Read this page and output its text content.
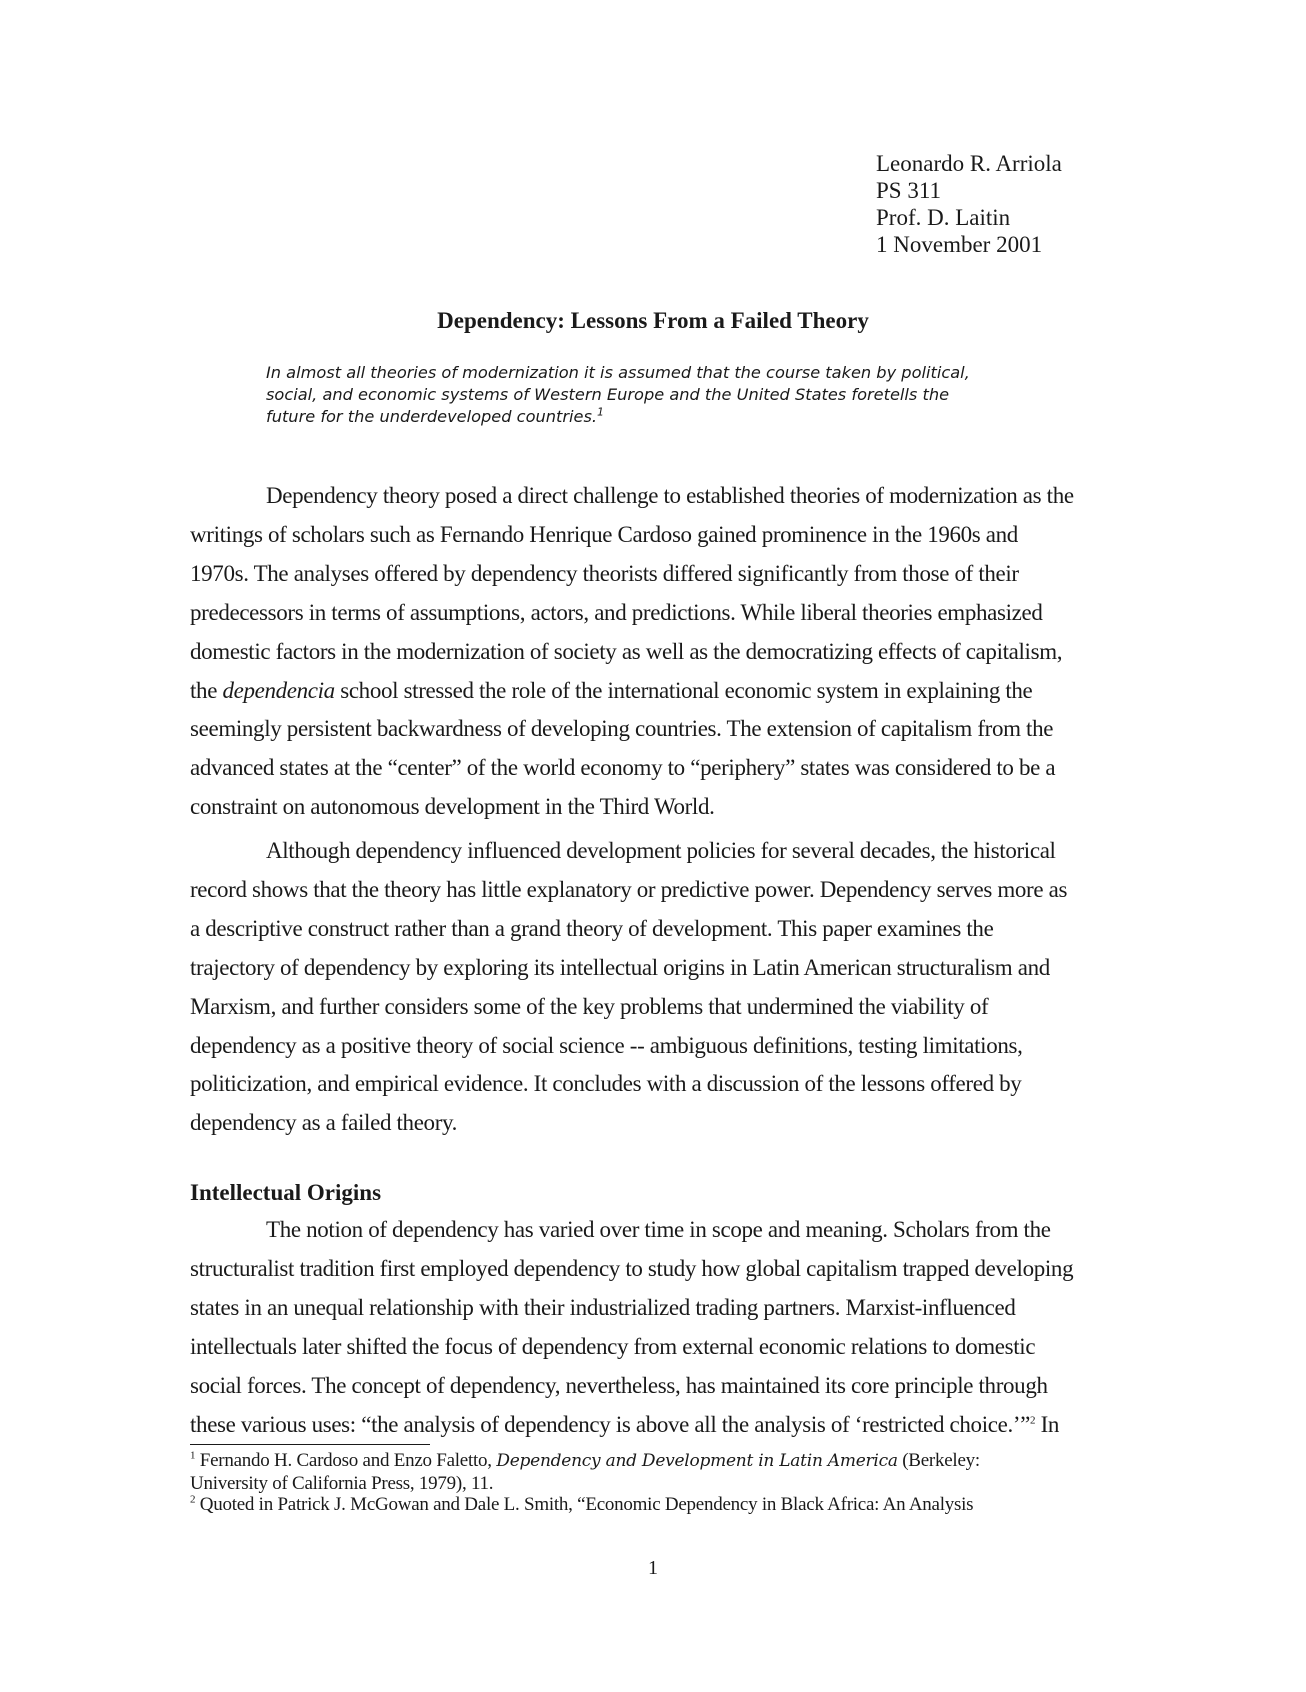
Leonardo R. Arriola
PS 311
Prof. D. Laitin
1 November 2001
Dependency: Lessons From a Failed Theory
In almost all theories of modernization it is assumed that the course taken by political,
social, and economic systems of Western Europe and the United States foretells the
future for the underdeveloped countries.$^1$
Dependency theory posed a direct challenge to established theories of modernization as the
writings of scholars such as Fernando Henrique Cardoso gained prominence in the 1960s and
1970s. The analyses offered by dependency theorists differed significantly from those of their
predecessors in terms of assumptions, actors, and predictions. While liberal theories emphasized
domestic factors in the modernization of society as well as the democratizing effects of capitalism,
the dependencia school stressed the role of the international economic system in explaining the
seemingly persistent backwardness of developing countries. The extension of capitalism from the
advanced states at the “center” of the world economy to “periphery” states was considered to be a
constraint on autonomous development in the Third World.
Although dependency influenced development policies for several decades, the historical
record shows that the theory has little explanatory or predictive power. Dependency serves more as
a descriptive construct rather than a grand theory of development. This paper examines the
trajectory of dependency by exploring its intellectual origins in Latin American structuralism and
Marxism, and further considers some of the key problems that undermined the viability of
dependency as a positive theory of social science -- ambiguous definitions, testing limitations,
politicization, and empirical evidence. It concludes with a discussion of the lessons offered by
dependency as a failed theory.
Intellectual Origins
The notion of dependency has varied over time in scope and meaning. Scholars from the
structuralist tradition first employed dependency to study how global capitalism trapped developing
states in an unequal relationship with their industrialized trading partners. Marxist-influenced
intellectuals later shifted the focus of dependency from external economic relations to domestic
social forces. The concept of dependency, nevertheless, has maintained its core principle through
these various uses: “the analysis of dependency is above all the analysis of ‘restricted choice.’”$^2$ In
$^1$ Fernando H. Cardoso and Enzo Faletto, Dependency and Development in Latin America (Berkeley:
University of California Press, 1979), 11.
$^2$ Quoted in Patrick J. McGowan and Dale L. Smith, “Economic Dependency in Black Africa: An Analysis
1
